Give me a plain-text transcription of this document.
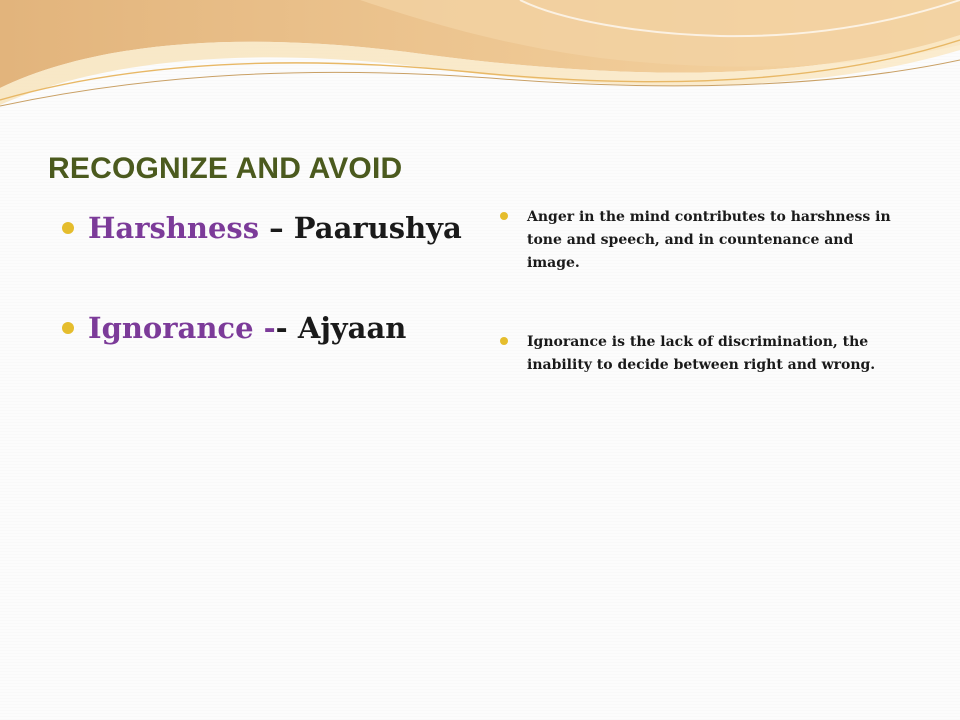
RECOGNIZE AND AVOID
Harshness – Paarushya
Ignorance -- Ajyaan
Anger in the mind contributes to harshness in tone and speech, and in countenance and image.
Ignorance is the lack of discrimination, the inability to decide between right and wrong.
